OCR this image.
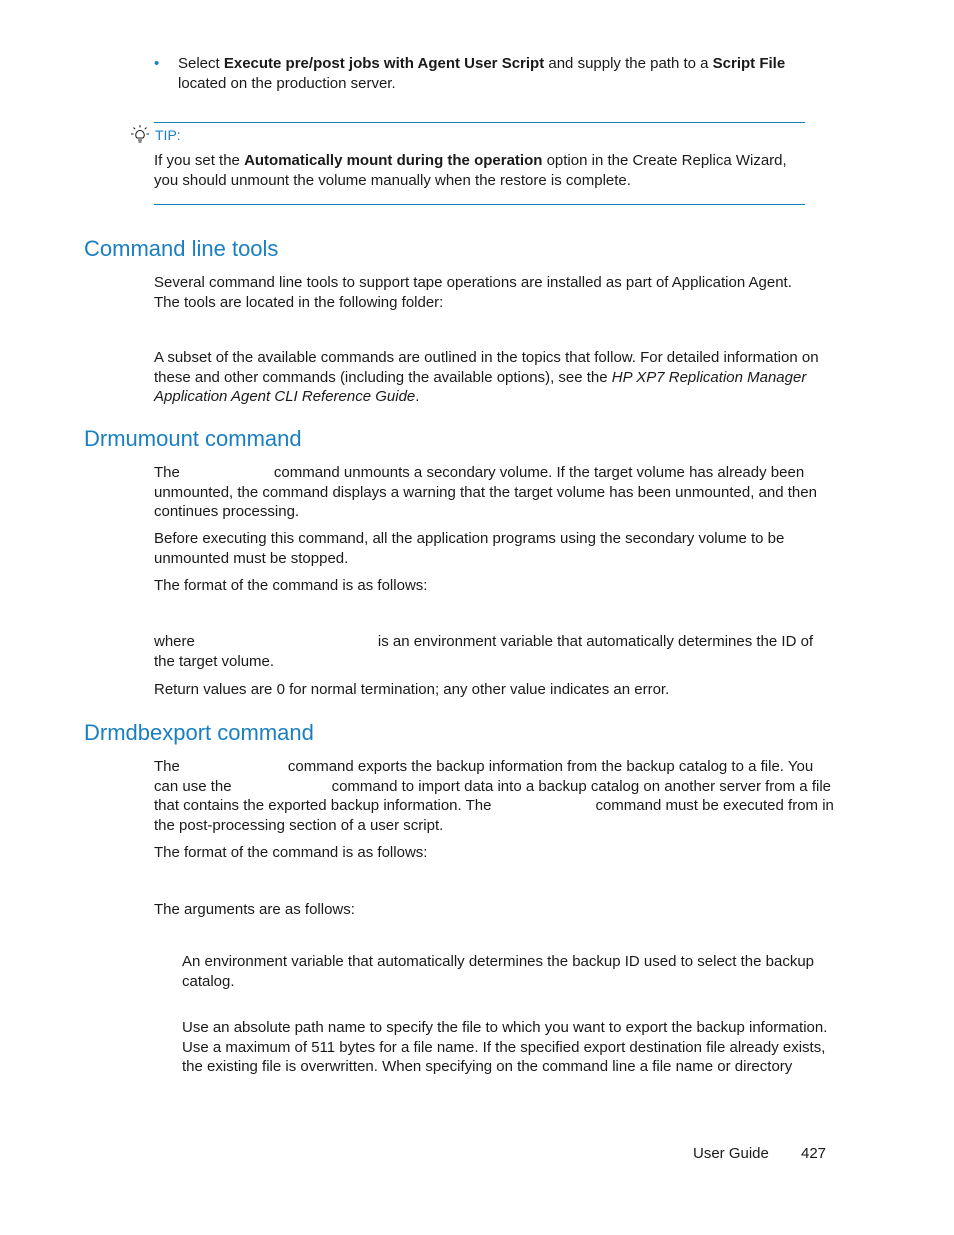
• Select Execute pre/post jobs with Agent User Script and supply the path to a Script File located on the production server.

TIP:

If you set the Automatically mount during the operation option in the Create Replica Wizard, you should unmount the volume manually when the restore is complete.

Command line tools

Several command line tools to support tape operations are installed as part of Application Agent. The tools are located in the following folder:

A subset of the available commands are outlined in the topics that follow. For detailed information on these and other commands (including the available options), see the HP XP7 Replication Manager Application Agent CLI Reference Guide.

Drmumount command

The	command unmounts a secondary volume. If the target volume has already been unmounted, the command displays a warning that the target volume has been unmounted, and then continues processing.

Before executing this command, all the application programs using the secondary volume to be unmounted must be stopped.

The format of the command is as follows:

where	is an environment variable that automatically determines the ID of the target volume.

Return values are 0 for normal termination; any other value indicates an error.

Drmdbexport command

The	command exports the backup information from the backup catalog to a file. You can use the	command to import data into a backup catalog on another server from a file that contains the exported backup information. The	command must be executed from in the post-processing section of a user script.

The format of the command is as follows:

The arguments are as follows:

An environment variable that automatically determines the backup ID used to select the backup catalog.

Use an absolute path name to specify the file to which you want to export the backup information. Use a maximum of 511 bytes for a file name. If the specified export destination file already exists, the existing file is overwritten. When specifying on the command line a file name or directory

User Guide 427
